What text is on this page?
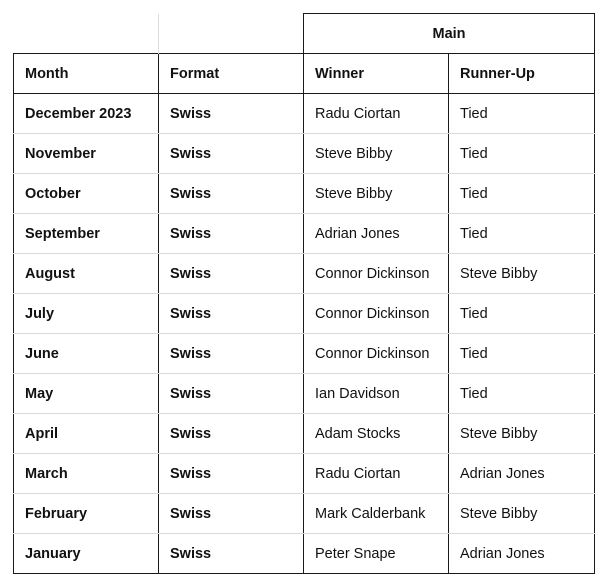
		Main	
Month	Format	Winner	Runner-Up
December 2023	Swiss	Radu Ciortan	Tied
November	Swiss	Steve Bibby	Tied
October	Swiss	Steve Bibby	Tied
September	Swiss	Adrian Jones	Tied
August	Swiss	Connor Dickinson	Steve Bibby
July	Swiss	Connor Dickinson	Tied
June	Swiss	Connor Dickinson	Tied
May	Swiss	Ian Davidson	Tied
April	Swiss	Adam Stocks	Steve Bibby
March	Swiss	Radu Ciortan	Adrian Jones
February	Swiss	Mark Calderbank	Steve Bibby
January	Swiss	Peter Snape	Adrian Jones
